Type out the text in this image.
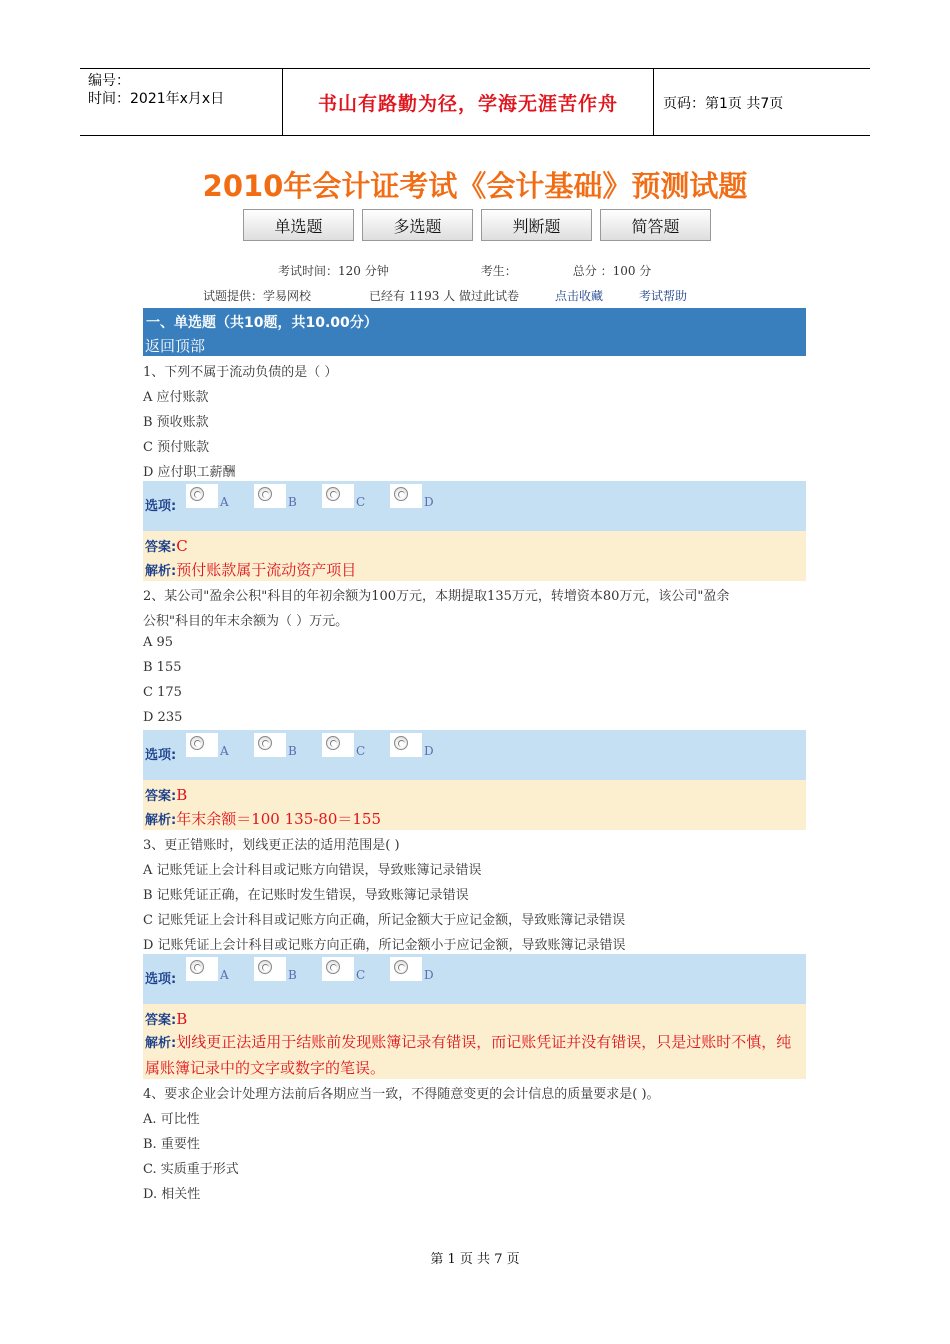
编号：
时间：2021年x月x日	书山有路勤为径，学海无涯苦作舟	页码：第1页 共7页
2010年会计证考试《会计基础》预测试题
单选题	多选题	判断题	简答题
考试时间：120 分钟	考生：	总分 ：100 分
试题提供：学易网校	已经有 1193 人 做过此试卷	点击收藏	考试帮助
一、单选题（共10题，共10.00分）
返回顶部
1、下列不属于流动负债的是（ ）
A 应付账款
B 预收账款
C 预付账款
D 应付职工薪酬
选项:	A	B	C	D
答案:C
解析:预付账款属于流动资产项目
2、某公司"盈余公积"科目的年初余额为100万元，本期提取135万元，转增资本80万元，该公司"盈余
公积"科目的年末余额为（ ）万元。
A 95
B 155
C 175
D 235
选项:	A	B	C	D
答案:B
解析:年末余额＝100 135-80＝155
3、更正错账时，划线更正法的适用范围是( )
A 记账凭证上会计科目或记账方向错误，导致账簿记录错误
B 记账凭证正确，在记账时发生错误，导致账簿记录错误
C 记账凭证上会计科目或记账方向正确，所记金额大于应记金额，导致账簿记录错误
D 记账凭证上会计科目或记账方向正确，所记金额小于应记金额，导致账簿记录错误
选项:	A	B	C	D
答案:B
解析:划线更正法适用于结账前发现账簿记录有错误，而记账凭证并没有错误，只是过账时不慎，纯属账簿记录中的文字或数字的笔误。
4、要求企业会计处理方法前后各期应当一致，不得随意变更的会计信息的质量要求是( )。
A. 可比性
B. 重要性
C. 实质重于形式
D. 相关性
第 1 页 共 7 页
